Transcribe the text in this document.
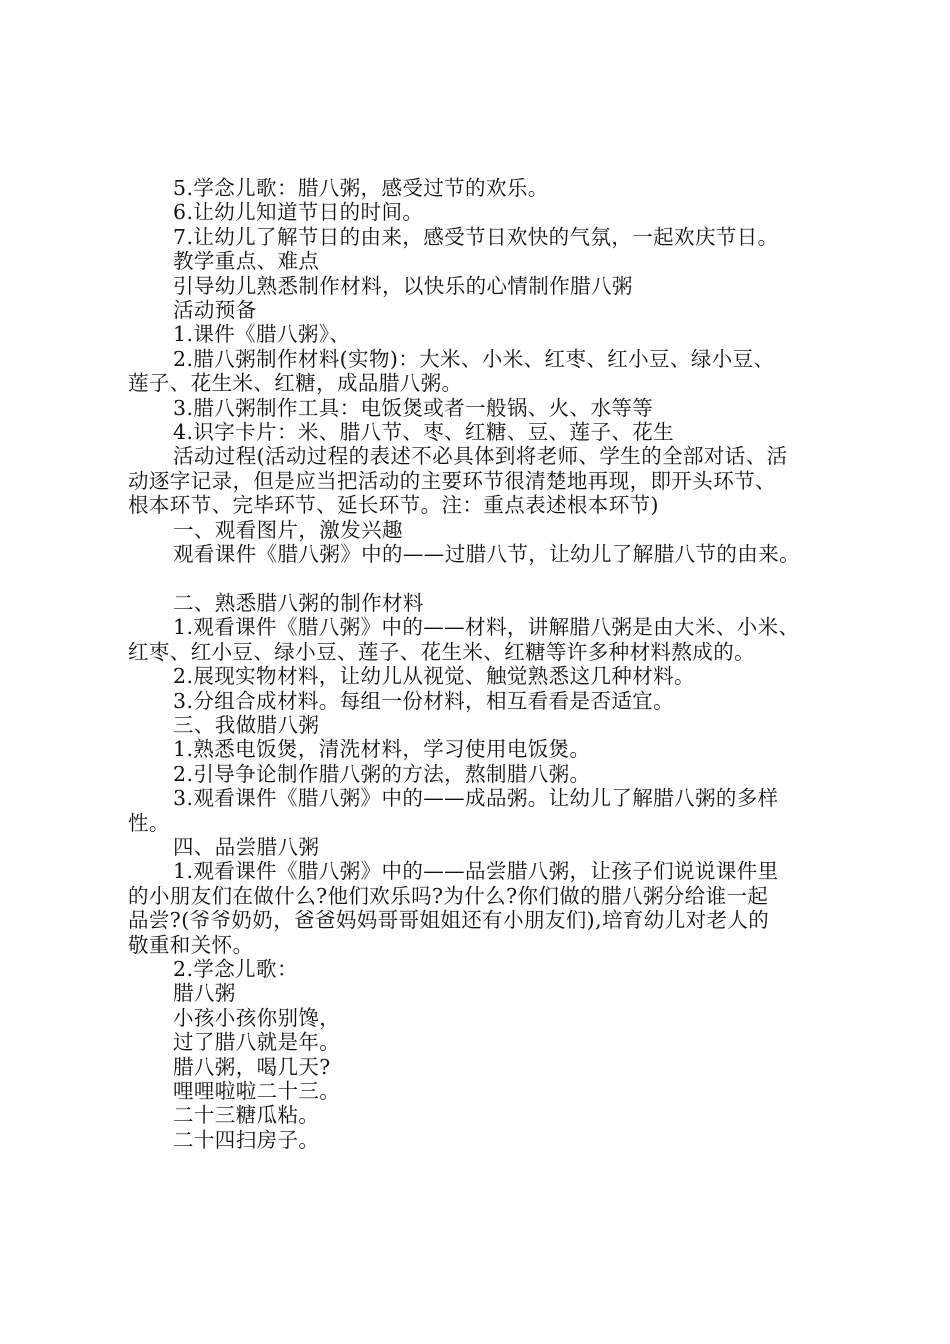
5.学念儿歌：腊八粥，感受过节的欢乐。
6.让幼儿知道节日的时间。
7.让幼儿了解节日的由来，感受节日欢快的气氛，一起欢庆节日。
教学重点、难点
引导幼儿熟悉制作材料，以快乐的心情制作腊八粥
活动预备
1.课件《腊八粥》、
2.腊八粥制作材料(实物)：大米、小米、红枣、红小豆、绿小豆、
莲子、花生米、红糖，成品腊八粥。
3.腊八粥制作工具：电饭煲或者一般锅、火、水等等
4.识字卡片：米、腊八节、枣、红糖、豆、莲子、花生
活动过程(活动过程的表述不必具体到将老师、学生的全部对话、活
动逐字记录，但是应当把活动的主要环节很清楚地再现，即开头环节、
根本环节、完毕环节、延长环节。注：重点表述根本环节)
一、观看图片，激发兴趣
观看课件《腊八粥》中的——过腊八节，让幼儿了解腊八节的由来。
二、熟悉腊八粥的制作材料
1.观看课件《腊八粥》中的——材料，讲解腊八粥是由大米、小米、
红枣、红小豆、绿小豆、莲子、花生米、红糖等许多种材料熬成的。
2.展现实物材料，让幼儿从视觉、触觉熟悉这几种材料。
3.分组合成材料。每组一份材料，相互看看是否适宜。
三、我做腊八粥
1.熟悉电饭煲，清洗材料，学习使用电饭煲。
2.引导争论制作腊八粥的方法，熬制腊八粥。
3.观看课件《腊八粥》中的——成品粥。让幼儿了解腊八粥的多样
性。
四、品尝腊八粥
1.观看课件《腊八粥》中的——品尝腊八粥，让孩子们说说课件里
的小朋友们在做什么?他们欢乐吗?为什么?你们做的腊八粥分给谁一起
品尝?(爷爷奶奶，爸爸妈妈哥哥姐姐还有小朋友们),培育幼儿对老人的
敬重和关怀。
2.学念儿歌：
腊八粥
小孩小孩你别馋，
过了腊八就是年。
腊八粥，喝几天?
哩哩啦啦二十三。
二十三糖瓜粘。
二十四扫房子。
